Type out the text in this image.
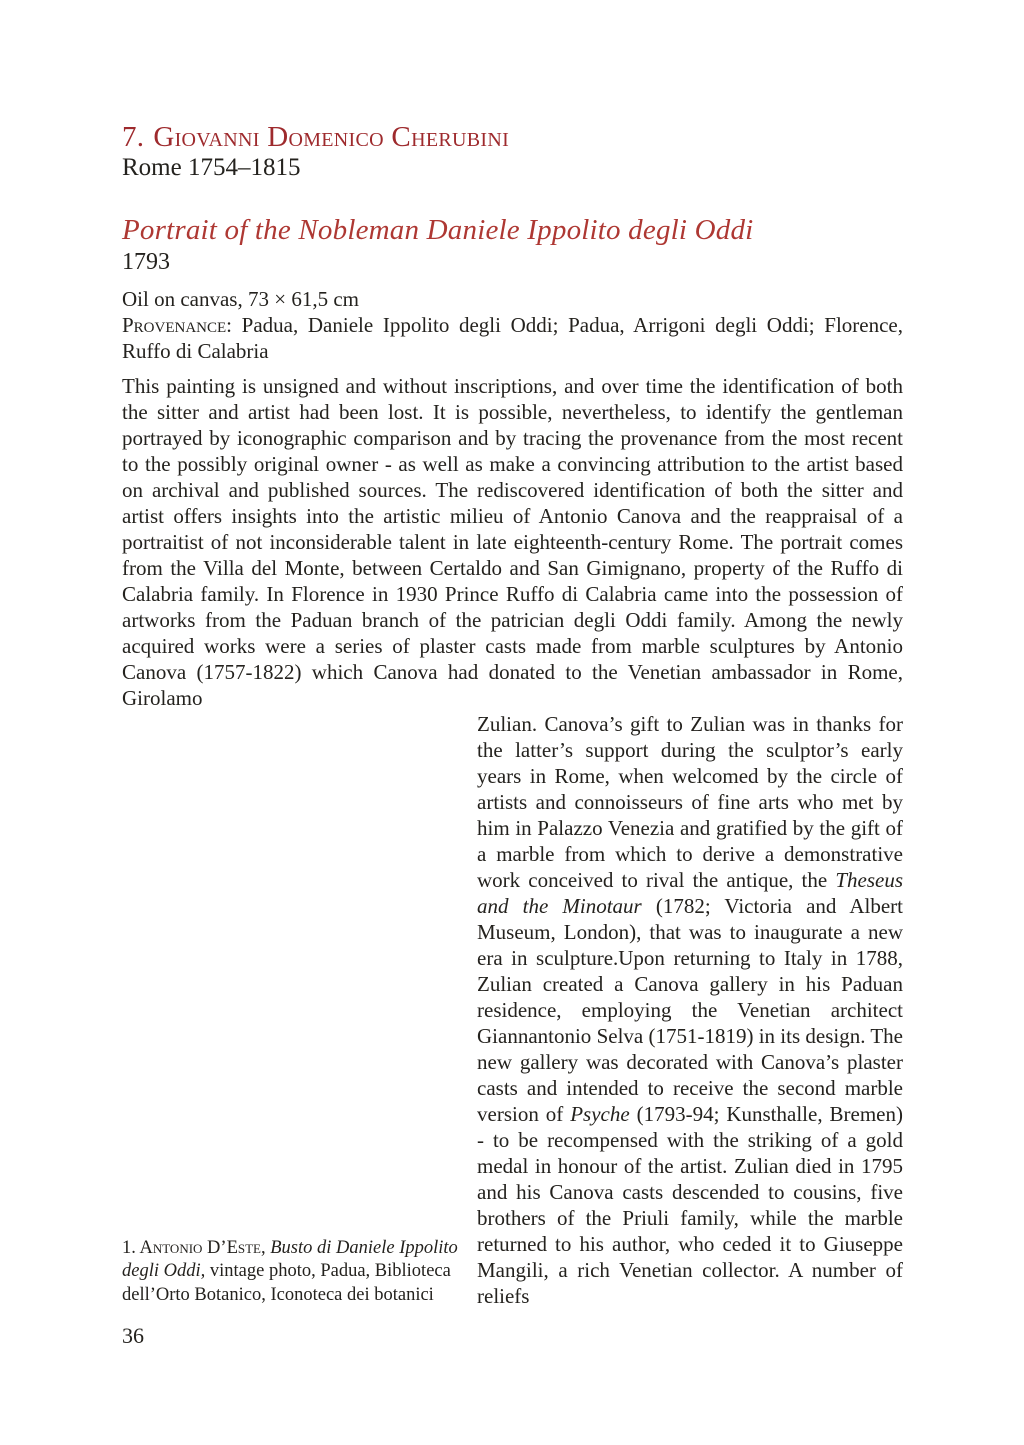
7. Giovanni Domenico Cherubini
Rome 1754–1815
Portrait of the Nobleman Daniele Ippolito degli Oddi
1793
Oil on canvas, 73 × 61,5 cm
Provenance: Padua, Daniele Ippolito degli Oddi; Padua, Arrigoni degli Oddi; Florence, Ruffo di Calabria

This painting is unsigned and without inscriptions, and over time the identification of both the sitter and artist had been lost. It is possible, nevertheless, to identify the gentleman portrayed by iconographic comparison and by tracing the provenance from the most recent to the possibly original owner - as well as make a convincing attribution to the artist based on archival and published sources. The rediscovered identification of both the sitter and artist offers insights into the artistic milieu of Antonio Canova and the reappraisal of a portraitist of not inconsiderable talent in late eighteenth-century Rome. The portrait comes from the Villa del Monte, between Certaldo and San Gimignano, property of the Ruffo di Calabria family. In Florence in 1930 Prince Ruffo di Calabria came into the possession of artworks from the Paduan branch of the patrician degli Oddi family. Among the newly acquired works were a series of plaster casts made from marble sculptures by Antonio Canova (1757-1822) which Canova had donated to the Venetian ambassador in Rome, Girolamo

1. Antonio D’Este, Busto di Daniele Ippolito degli Oddi, vintage photo, Padua, Biblioteca dell’Orto Botanico, Iconoteca dei botanici

Zulian. Canova’s gift to Zulian was in thanks for the latter’s support during the sculptor’s early years in Rome, when welcomed by the circle of artists and connoisseurs of fine arts who met by him in Palazzo Venezia and gratified by the gift of a marble from which to derive a demonstrative work conceived to rival the antique, the Theseus and the Minotaur (1782; Victoria and Albert Museum, London), that was to inaugurate a new era in sculpture.Upon returning to Italy in 1788, Zulian created a Canova gallery in his Paduan residence, employing the Venetian architect Giannantonio Selva (1751-1819) in its design. The new gallery was decorated with Canova’s plaster casts and intended to receive the second marble version of Psyche (1793-94; Kunsthalle, Bremen) - to be recompensed with the striking of a gold medal in honour of the artist. Zulian died in 1795 and his Canova casts descended to cousins, five brothers of the Priuli family, while the marble returned to his author, who ceded it to Giuseppe Mangili, a rich Venetian collector. A number of reliefs

36
